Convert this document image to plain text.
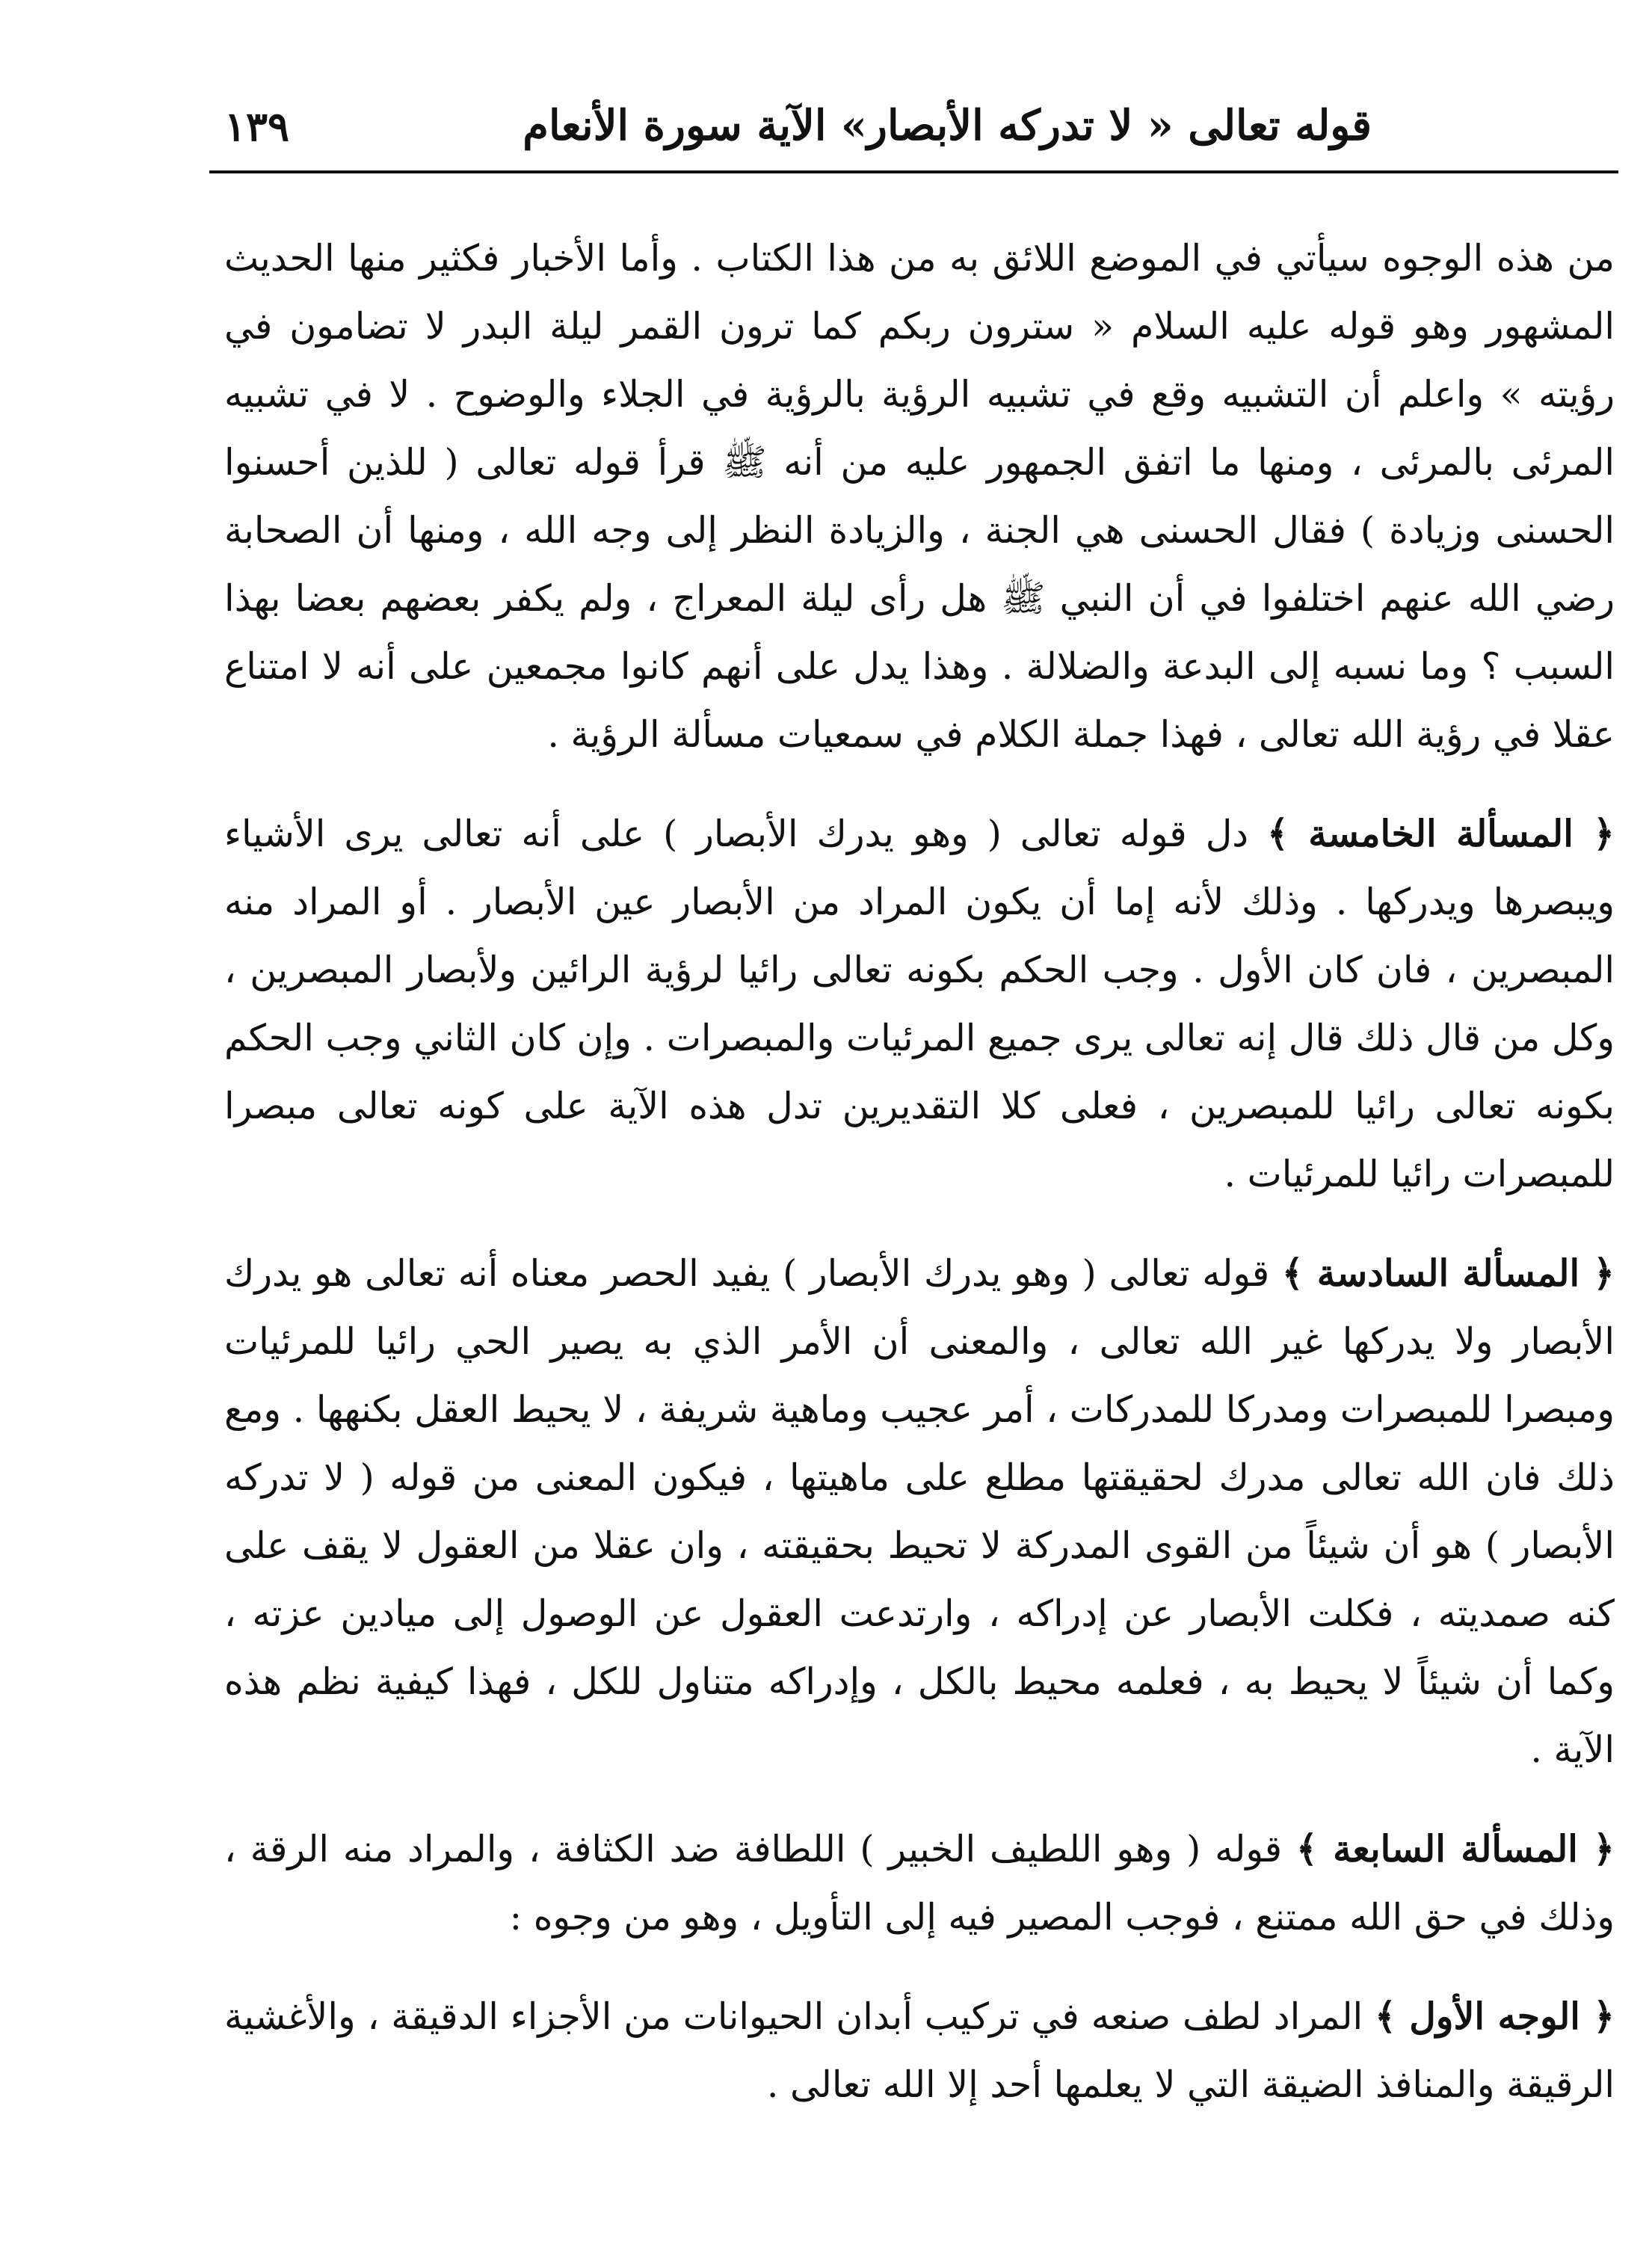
١٣٩	قوله تعالى « لا تدركه الأبصار» الآية سورة الأنعام

من هذه الوجوه سيأتي في الموضع اللائق به من هذا الكتاب . وأما الأخبار فكثير منها الحديث المشهور وهو قوله عليه السلام « سترون ربكم كما ترون القمر ليلة البدر لا تضامون في رؤيته » واعلم أن التشبيه وقع في تشبيه الرؤية بالرؤية في الجلاء والوضوح . لا في تشبيه المرئى بالمرئى ، ومنها ما اتفق الجمهور عليه من أنه ﷺ قرأ قوله تعالى ( للذين أحسنوا الحسنى وزيادة ) فقال الحسنى هي الجنة ، والزيادة النظر إلى وجه الله ، ومنها أن الصحابة رضي الله عنهم اختلفوا في أن النبي ﷺ هل رأى ليلة المعراج ، ولم يكفر بعضهم بعضا بهذا السبب ؟ وما نسبه إلى البدعة والضلالة . وهذا يدل على أنهم كانوا مجمعين على أنه لا امتناع عقلا في رؤية الله تعالى ، فهذا جملة الكلام في سمعيات مسألة الرؤية .

﴿ المسألة الخامسة ﴾ دل قوله تعالى ( وهو يدرك الأبصار ) على أنه تعالى يرى الأشياء ويبصرها ويدركها . وذلك لأنه إما أن يكون المراد من الأبصار عين الأبصار . أو المراد منه المبصرين ، فان كان الأول . وجب الحكم بكونه تعالى رائيا لرؤية الرائين ولأبصار المبصرين ، وكل من قال ذلك قال إنه تعالى يرى جميع المرئيات والمبصرات . وإن كان الثاني وجب الحكم بكونه تعالى رائيا للمبصرين ، فعلى كلا التقديرين تدل هذه الآية على كونه تعالى مبصرا للمبصرات رائيا للمرئيات .

﴿ المسألة السادسة ﴾ قوله تعالى ( وهو يدرك الأبصار ) يفيد الحصر معناه أنه تعالى هو يدرك الأبصار ولا يدركها غير الله تعالى ، والمعنى أن الأمر الذي به يصير الحي رائيا للمرئيات ومبصرا للمبصرات ومدركا للمدركات ، أمر عجيب وماهية شريفة ، لا يحيط العقل بكنهها . ومع ذلك فان الله تعالى مدرك لحقيقتها مطلع على ماهيتها ، فيكون المعنى من قوله ( لا تدركه الأبصار ) هو أن شيئاً من القوى المدركة لا تحيط بحقيقته ، وان عقلا من العقول لا يقف على كنه صمديته ، فكلت الأبصار عن إدراكه ، وارتدعت العقول عن الوصول إلى ميادين عزته ، وكما أن شيئاً لا يحيط به ، فعلمه محيط بالكل ، وإدراكه متناول للكل ، فهذا كيفية نظم هذه الآية .

﴿ المسألة السابعة ﴾ قوله ( وهو اللطيف الخبير ) اللطافة ضد الكثافة ، والمراد منه الرقة ، وذلك في حق الله ممتنع ، فوجب المصير فيه إلى التأويل ، وهو من وجوه :

﴿ الوجه الأول ﴾ المراد لطف صنعه في تركيب أبدان الحيوانات من الأجزاء الدقيقة ، والأغشية الرقيقة والمنافذ الضيقة التي لا يعلمها أحد إلا الله تعالى .
